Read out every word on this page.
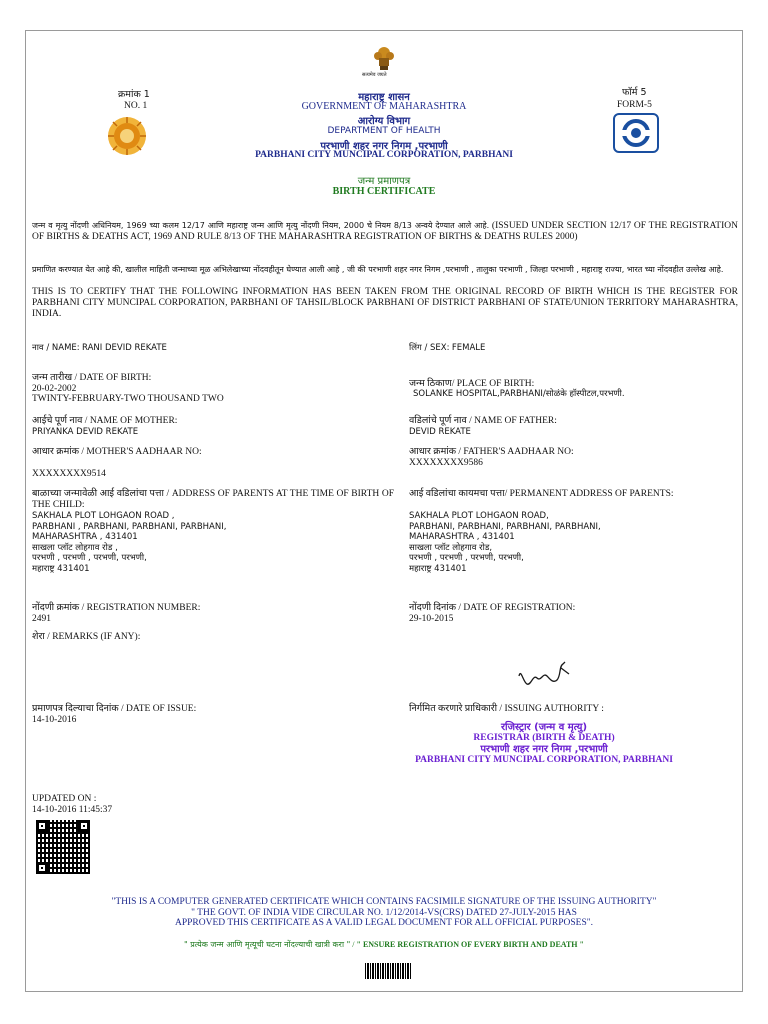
क्रमांक 1
NO. 1
फॉर्म 5
FORM-5
सत्यमेव जयते
महाराष्ट्र शासन
GOVERNMENT OF MAHARASHTRA
आरोग्य विभाग
DEPARTMENT OF HEALTH
परभाणी शहर नगर निगम ,परभाणी
PARBHANI CITY MUNCIPAL CORPORATION, PARBHANI
जन्म प्रमाणपत्र
BIRTH CERTIFICATE
जन्म व मृत्यु नोंदणी अधिनियम, 1969 च्या कलम 12/17 आणि महाराष्ट्र जन्म आणि मृत्यु नोंदणी नियम, 2000 चे नियम 8/13 अन्वये देण्यात आले आहे. (ISSUED UNDER SECTION 12/17 OF THE REGISTRATION OF BIRTHS & DEATHS ACT, 1969 AND RULE 8/13 OF THE MAHARASHTRA REGISTRATION OF BIRTHS & DEATHS RULES 2000)
प्रमाणित करण्यात येत आहे की, खालील माहिती जन्माच्या मूळ अभिलेखाच्या नोंदवहीतून घेण्यात आली आहे , जी की परभाणी शहर नगर निगम ,परभाणी , तालुका परभाणी , जिल्हा परभाणी , महाराष्ट्र राज्या, भारत च्या नोंदवहीत उल्लेख आहे.
THIS IS TO CERTIFY THAT THE FOLLOWING INFORMATION HAS BEEN TAKEN FROM THE ORIGINAL RECORD OF BIRTH WHICH IS THE REGISTER FOR PARBHANI CITY MUNCIPAL CORPORATION, PARBHANI OF TAHSIL/BLOCK PARBHANI OF DISTRICT PARBHANI OF STATE/UNION TERRITORY MAHARASHTRA, INDIA.
नाव / NAME: RANI DEVID REKATE	लिंग / SEX: FEMALE
जन्म तारीख / DATE OF BIRTH:
20-02-2002
TWINTY-FEBRUARY-TWO THOUSAND TWO
जन्म ठिकाण/ PLACE OF BIRTH:
SOLANKE HOSPITAL,PARBHANI/सोळंके हॉस्पीटल,परभणी.
आईचे पूर्ण नाव / NAME OF MOTHER:
PRIYANKA DEVID REKATE
वडिलांचे पूर्ण नाव / NAME OF FATHER:
DEVID REKATE
आधार क्रमांक / MOTHER'S AADHAAR NO:
XXXXXXXX9514
आधार क्रमांक / FATHER'S AADHAAR NO:
XXXXXXXX9586
बाळाच्या जन्मावेळी आई वडिलांचा पत्ता / ADDRESS OF PARENTS AT THE TIME OF BIRTH OF THE CHILD:
SAKHALA PLOT LOHGAON ROAD ,
PARBHANI , PARBHANI, PARBHANI, PARBHANI,
MAHARASHTRA , 431401
साखला प्लॉट लोहगाव रोड ,
परभणी , परभणी , परभणी, परभणी,
महाराष्ट्र 431401
आई वडिलांचा कायमचा पत्ता/ PERMANENT ADDRESS OF PARENTS:
SAKHALA PLOT LOHGAON ROAD,
PARBHANI, PARBHANI, PARBHANI, PARBHANI,
MAHARASHTRA , 431401
साखला प्लॉट लोहगाव रोड,
परभणी , परभणी , परभणी, परभणी,
महाराष्ट्र 431401
नोंदणी क्रमांक / REGISTRATION NUMBER:
2491
नोंदणी दिनांक / DATE OF REGISTRATION:
29-10-2015
शेरा / REMARKS (IF ANY):
प्रमाणपत्र दिल्याचा दिनांक / DATE OF ISSUE:
14-10-2016
निर्गमित करणारे प्राधिकारी / ISSUING AUTHORITY :
रजिस्ट्रार (जन्म व मृत्यु)
REGISTRAR (BIRTH & DEATH)
परभाणी शहर नगर निगम ,परभाणी
PARBHANI CITY MUNCIPAL CORPORATION, PARBHANI
UPDATED ON :
14-10-2016 11:45:37
"THIS IS A COMPUTER GENERATED CERTIFICATE WHICH CONTAINS FACSIMILE SIGNATURE OF THE ISSUING AUTHORITY"
" THE GOVT. OF INDIA VIDE CIRCULAR NO. 1/12/2014-VS(CRS) DATED 27-JULY-2015 HAS
APPROVED THIS CERTIFICATE AS A VALID LEGAL DOCUMENT FOR ALL OFFICIAL PURPOSES".
" प्रत्येक जन्म आणि मृत्यूची घटना नोंदल्याची खात्री करा " / " ENSURE REGISTRATION OF EVERY BIRTH AND DEATH "
